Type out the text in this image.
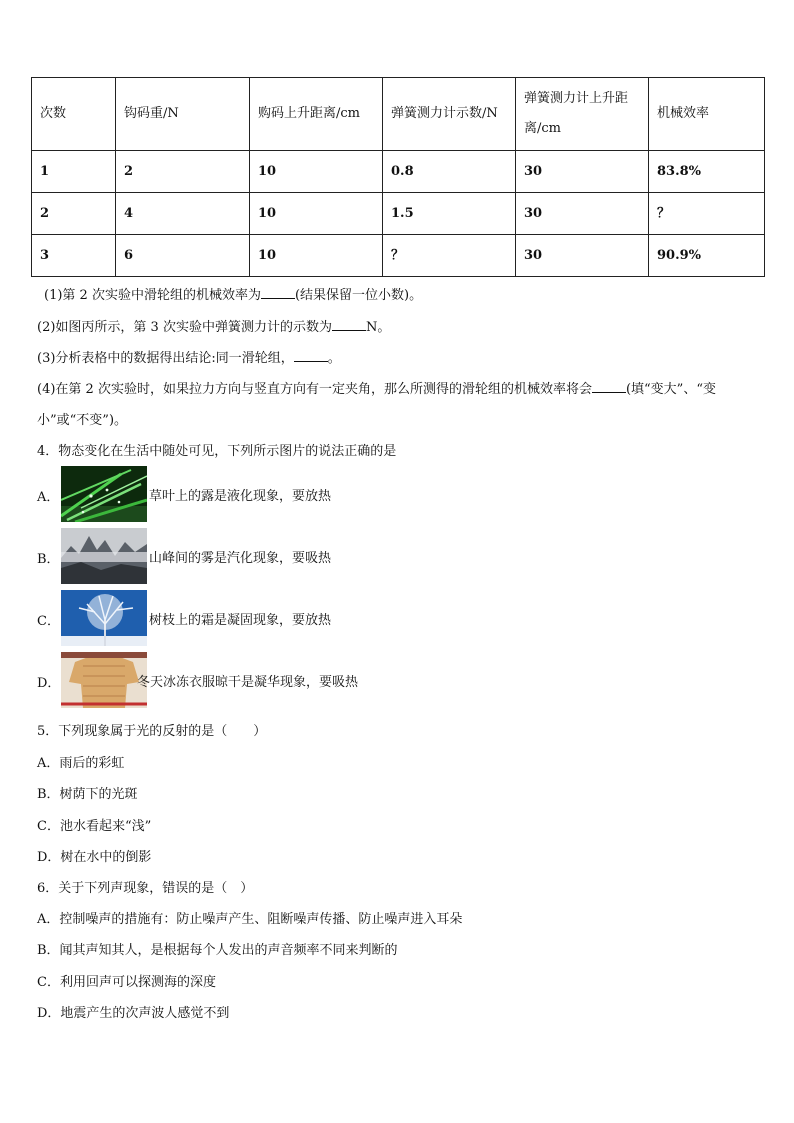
次数	钩码重/N	购码上升距离/cm	弹簧测力计示数/N	弹簧测力计上升距离/cm	机械效率
1	2	10	0.8	30	83.8%
2	4	10	1.5	30	？
3	6	10	？	30	90.9%
(1)第 2 次实验中滑轮组的机械效率为	(结果保留一位小数)。
(2)如图丙所示，第 3 次实验中弹簧测力计的示数为	N。
(3)分析表格中的数据得出结论:同一滑轮组，	。
(4)在第 2 次实验时，如果拉力方向与竖直方向有一定夹角，那么所测得的滑轮组的机械效率将会	(填“变大”、“变
小”或“不变”)。
4．物态变化在生活中随处可见，下列所示图片的说法正确的是
A．	草叶上的露是液化现象，要放热
B．	山峰间的雾是汽化现象，要吸热
C．	树枝上的霜是凝固现象，要放热
D．	冬天冰冻衣服晾干是凝华现象，要吸热
5．下列现象属于光的反射的是（　　）
A．雨后的彩虹
B．树荫下的光斑
C．池水看起来“浅”
D．树在水中的倒影
6．关于下列声现象，错误的是（　）
A．控制噪声的措施有：防止噪声产生、阻断噪声传播、防止噪声进入耳朵
B．闻其声知其人，是根据每个人发出的声音频率不同来判断的
C．利用回声可以探测海的深度
D．地震产生的次声波人感觉不到
